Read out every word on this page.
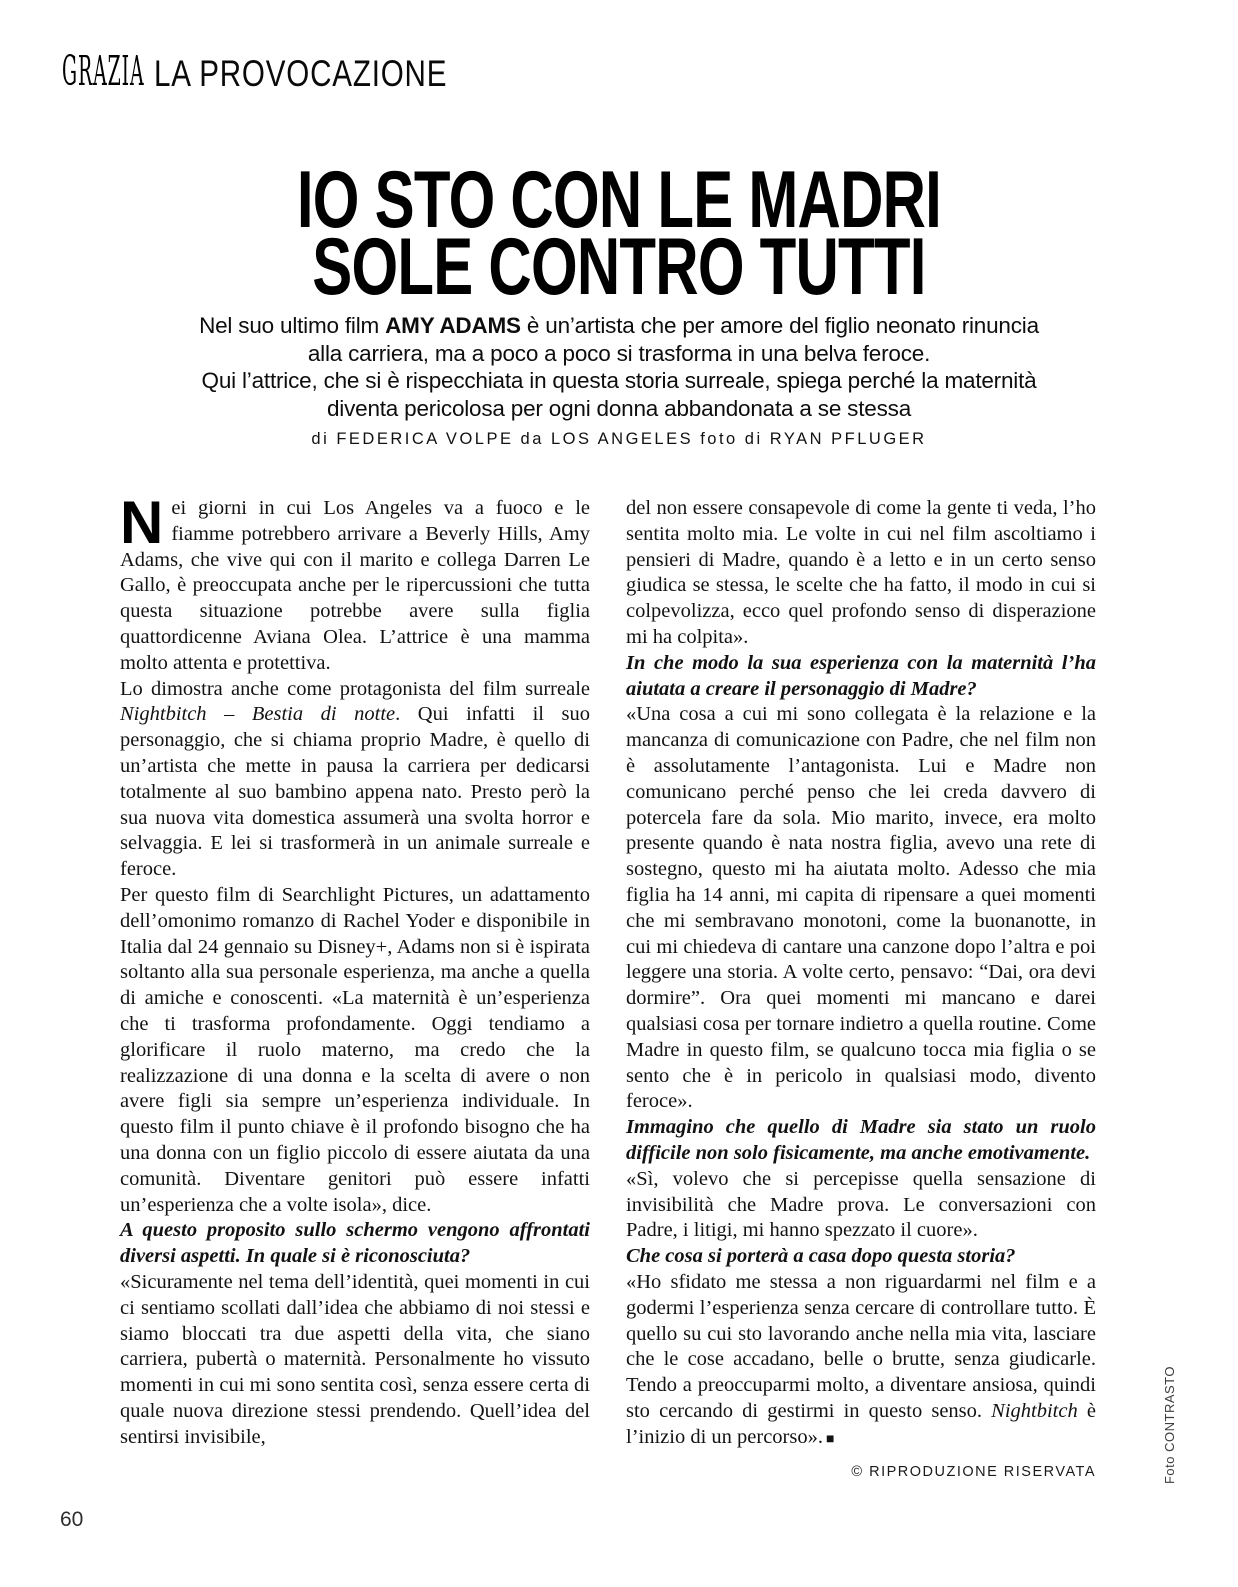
GRAZIA LA PROVOCAZIONE
IO STO CON LE MADRI
SOLE CONTRO TUTTI
Nel suo ultimo film AMY ADAMS è un’artista che per amore del figlio neonato rinuncia
alla carriera, ma a poco a poco si trasforma in una belva feroce.
Qui l’attrice, che si è rispecchiata in questa storia surreale, spiega perché la maternità
diventa pericolosa per ogni donna abbandonata a se stessa
di FEDERICA VOLPE da LOS ANGELES foto di RYAN PFLUGER

Nei giorni in cui Los Angeles va a fuoco e le fiamme potrebbero arrivare a Beverly Hills, Amy Adams, che vive qui con il marito e collega Darren Le Gallo, è preoccupata anche per le ripercussioni che tutta questa situazione potrebbe avere sulla figlia quattordicenne Aviana Olea. L’attrice è una mamma molto attenta e protettiva.

Lo dimostra anche come protagonista del film surreale Nightbitch – Bestia di notte. Qui infatti il suo personaggio, che si chiama proprio Madre, è quello di un’artista che mette in pausa la carriera per dedicarsi totalmente al suo bambino appena nato. Presto però la sua nuova vita domestica assumerà una svolta horror e selvaggia. E lei si trasformerà in un animale surreale e feroce.

Per questo film di Searchlight Pictures, un adattamento dell’omonimo romanzo di Rachel Yoder e disponibile in Italia dal 24 gennaio su Disney+, Adams non si è ispirata soltanto alla sua personale esperienza, ma anche a quella di amiche e conoscenti. «La maternità è un’esperienza che ti trasforma profondamente. Oggi tendiamo a glorificare il ruolo materno, ma credo che la realizzazione di una donna e la scelta di avere o non avere figli sia sempre un’esperienza individuale. In questo film il punto chiave è il profondo bisogno che ha una donna con un figlio piccolo di essere aiutata da una comunità. Diventare genitori può essere infatti un’esperienza che a volte isola», dice.

A questo proposito sullo schermo vengono affrontati diversi aspetti. In quale si è riconosciuta?

«Sicuramente nel tema dell’identità, quei momenti in cui ci sentiamo scollati dall’idea che abbiamo di noi stessi e siamo bloccati tra due aspetti della vita, che siano carriera, pubertà o maternità. Personalmente ho vissuto momenti in cui mi sono sentita così, senza essere certa di quale nuova direzione stessi prendendo. Quell’idea del sentirsi invisibile,

del non essere consapevole di come la gente ti veda, l’ho sentita molto mia. Le volte in cui nel film ascoltiamo i pensieri di Madre, quando è a letto e in un certo senso giudica se stessa, le scelte che ha fatto, il modo in cui si colpevolizza, ecco quel profondo senso di disperazione mi ha colpita».

In che modo la sua esperienza con la maternità l’ha aiutata a creare il personaggio di Madre?

«Una cosa a cui mi sono collegata è la relazione e la mancanza di comunicazione con Padre, che nel film non è assolutamente l’antagonista. Lui e Madre non comunicano perché penso che lei creda davvero di potercela fare da sola. Mio marito, invece, era molto presente quando è nata nostra figlia, avevo una rete di sostegno, questo mi ha aiutata molto. Adesso che mia figlia ha 14 anni, mi capita di ripensare a quei momenti che mi sembravano monotoni, come la buonanotte, in cui mi chiedeva di cantare una canzone dopo l’altra e poi leggere una storia. A volte certo, pensavo: “Dai, ora devi dormire”. Ora quei momenti mi mancano e darei qualsiasi cosa per tornare indietro a quella routine. Come Madre in questo film, se qualcuno tocca mia figlia o se sento che è in pericolo in qualsiasi modo, divento feroce».

Immagino che quello di Madre sia stato un ruolo difficile non solo fisicamente, ma anche emotivamente.

«Sì, volevo che si percepisse quella sensazione di invisibilità che Madre prova. Le conversazioni con Padre, i litigi, mi hanno spezzato il cuore».

Che cosa si porterà a casa dopo questa storia?

«Ho sfidato me stessa a non riguardarmi nel film e a godermi l’esperienza senza cercare di controllare tutto. È quello su cui sto lavorando anche nella mia vita, lasciare che le cose accadano, belle o brutte, senza giudicarle. Tendo a preoccuparmi molto, a diventare ansiosa, quindi sto cercando di gestirmi in questo senso. Nightbitch è l’inizio di un percorso». ■

© RIPRODUZIONE RISERVATA	Foto CONTRASTO
60
